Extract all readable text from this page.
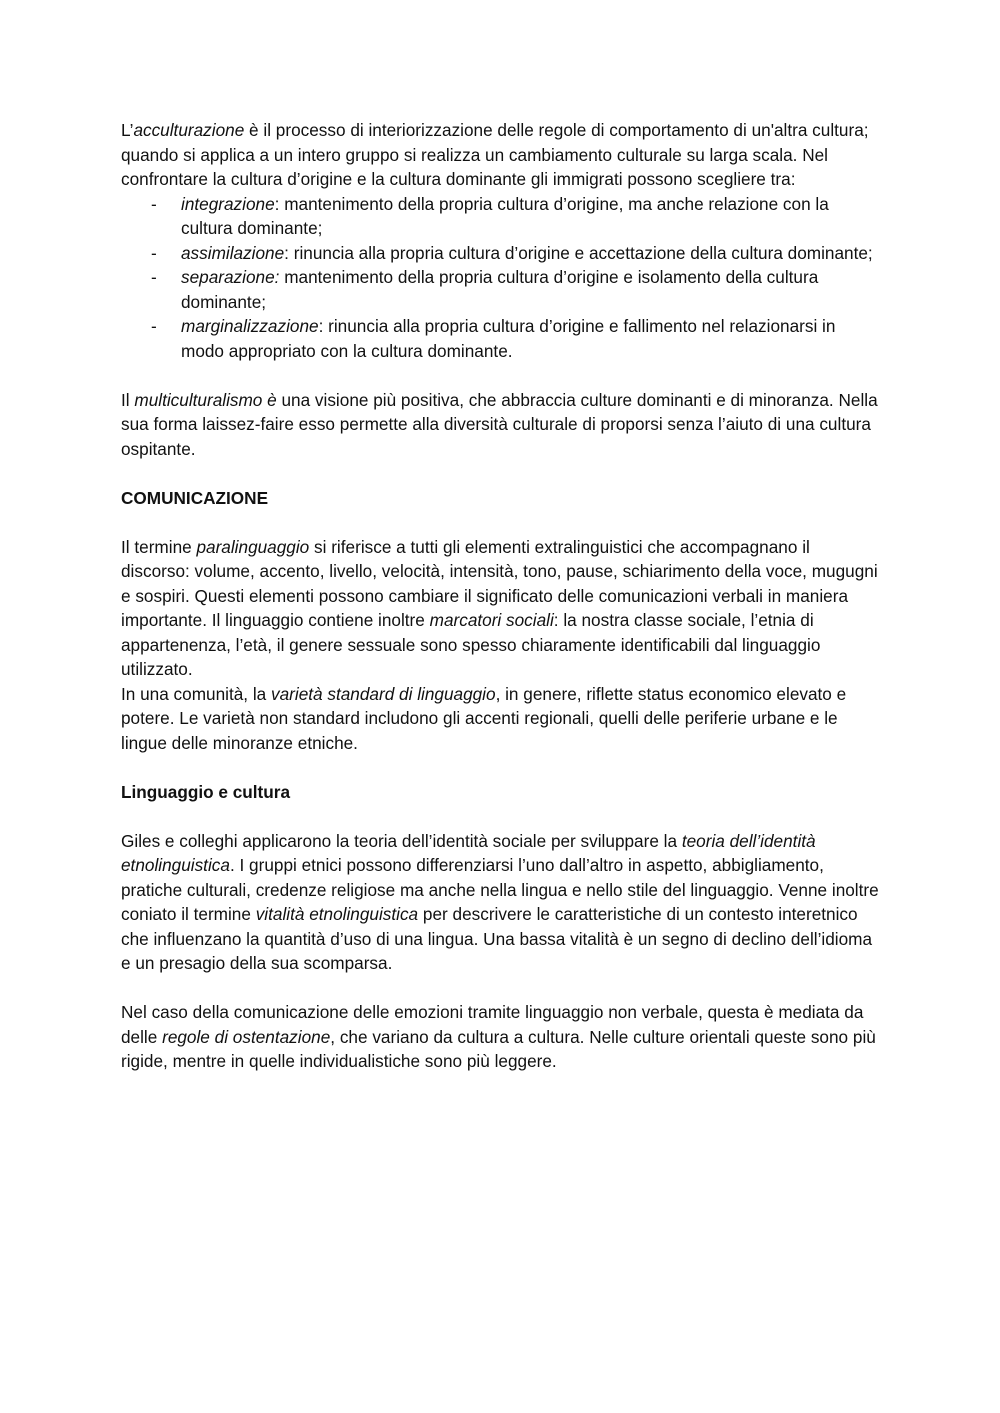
L’acculturazione è il processo di interiorizzazione delle regole di comportamento di un'altra cultura; quando si applica a un intero gruppo si realizza un cambiamento culturale su larga scala. Nel confrontare la cultura d’origine e la cultura dominante gli immigrati possono scegliere tra:

- integrazione: mantenimento della propria cultura d’origine, ma anche relazione con la cultura dominante;
- assimilazione: rinuncia alla propria cultura d’origine e accettazione della cultura dominante;
- separazione: mantenimento della propria cultura d’origine e isolamento della cultura dominante;
- marginalizzazione: rinuncia alla propria cultura d’origine e fallimento nel relazionarsi in modo appropriato con la cultura dominante.

Il multiculturalismo è una visione più positiva, che abbraccia culture dominanti e di minoranza. Nella sua forma laissez-faire esso permette alla diversità culturale di proporsi senza l’aiuto di una cultura ospitante.

COMUNICAZIONE

Il termine paralinguaggio si riferisce a tutti gli elementi extralinguistici che accompagnano il discorso: volume, accento, livello, velocità, intensità, tono, pause, schiarimento della voce, mugugni e sospiri. Questi elementi possono cambiare il significato delle comunicazioni verbali in maniera importante. Il linguaggio contiene inoltre marcatori sociali: la nostra classe sociale, l’etnia di appartenenza, l’età, il genere sessuale sono spesso chiaramente identificabili dal linguaggio utilizzato.

In una comunità, la varietà standard di linguaggio, in genere, riflette status economico elevato e potere. Le varietà non standard includono gli accenti regionali, quelli delle periferie urbane e le lingue delle minoranze etniche.

Linguaggio e cultura

Giles e colleghi applicarono la teoria dell’identità sociale per sviluppare la teoria dell’identità etnolinguistica. I gruppi etnici possono differenziarsi l’uno dall’altro in aspetto, abbigliamento, pratiche culturali, credenze religiose ma anche nella lingua e nello stile del linguaggio. Venne inoltre coniato il termine vitalità etnolinguistica per descrivere le caratteristiche di un contesto interetnico che influenzano la quantità d’uso di una lingua. Una bassa vitalità è un segno di declino dell’idioma e un presagio della sua scomparsa.

Nel caso della comunicazione delle emozioni tramite linguaggio non verbale, questa è mediata da delle regole di ostentazione, che variano da cultura a cultura. Nelle culture orientali queste sono più rigide, mentre in quelle individualistiche sono più leggere.
